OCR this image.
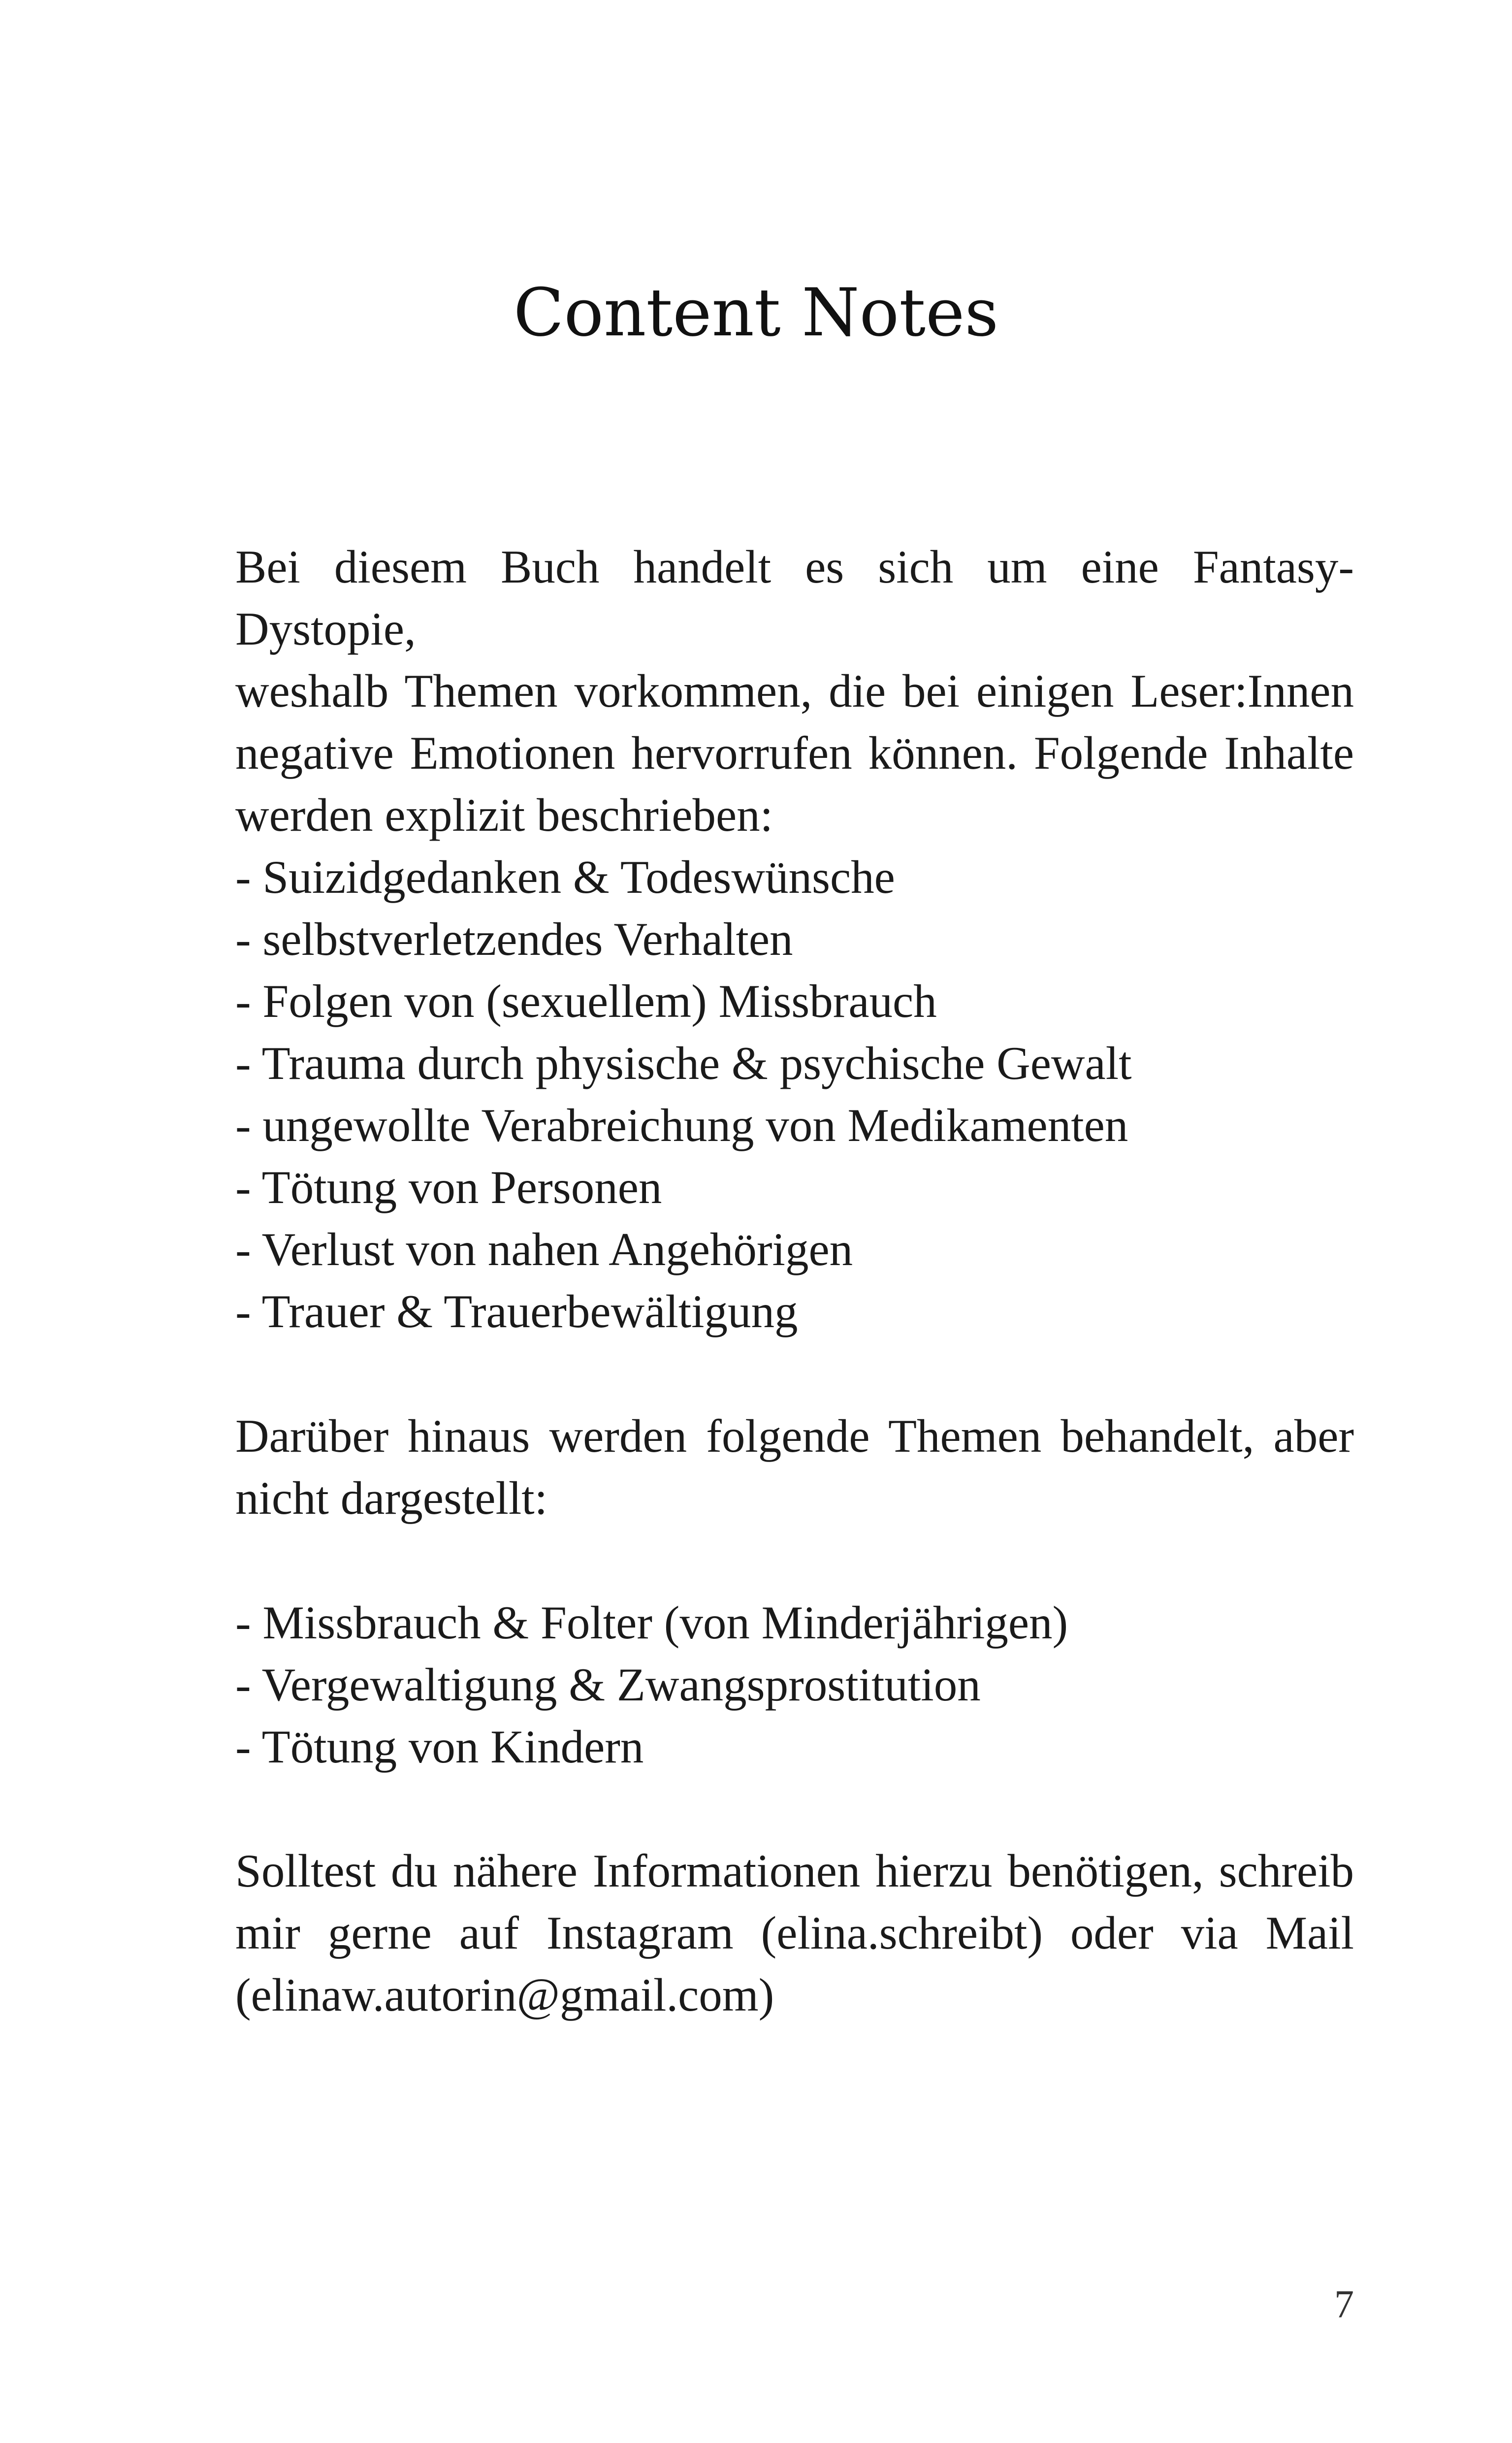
Content Notes
Bei diesem Buch handelt es sich um eine Fantasy-Dystopie,
weshalb Themen vorkommen, die bei einigen Leser:Innen
negative Emotionen hervorrufen können. Folgende Inhalte
werden explizit beschrieben:
- Suizidgedanken & Todeswünsche
- selbstverletzendes Verhalten
- Folgen von (sexuellem) Missbrauch
- Trauma durch physische & psychische Gewalt
- ungewollte Verabreichung von Medikamenten
- Tötung von Personen
- Verlust von nahen Angehörigen
- Trauer & Trauerbewältigung
Darüber hinaus werden folgende Themen behandelt, aber
nicht dargestellt:
- Missbrauch & Folter (von Minderjährigen)
- Vergewaltigung & Zwangsprostitution
- Tötung von Kindern
Solltest du nähere Informationen hierzu benötigen, schreib
mir gerne auf Instagram (elina.schreibt) oder via Mail
(elinaw.autorin@gmail.com)
7
